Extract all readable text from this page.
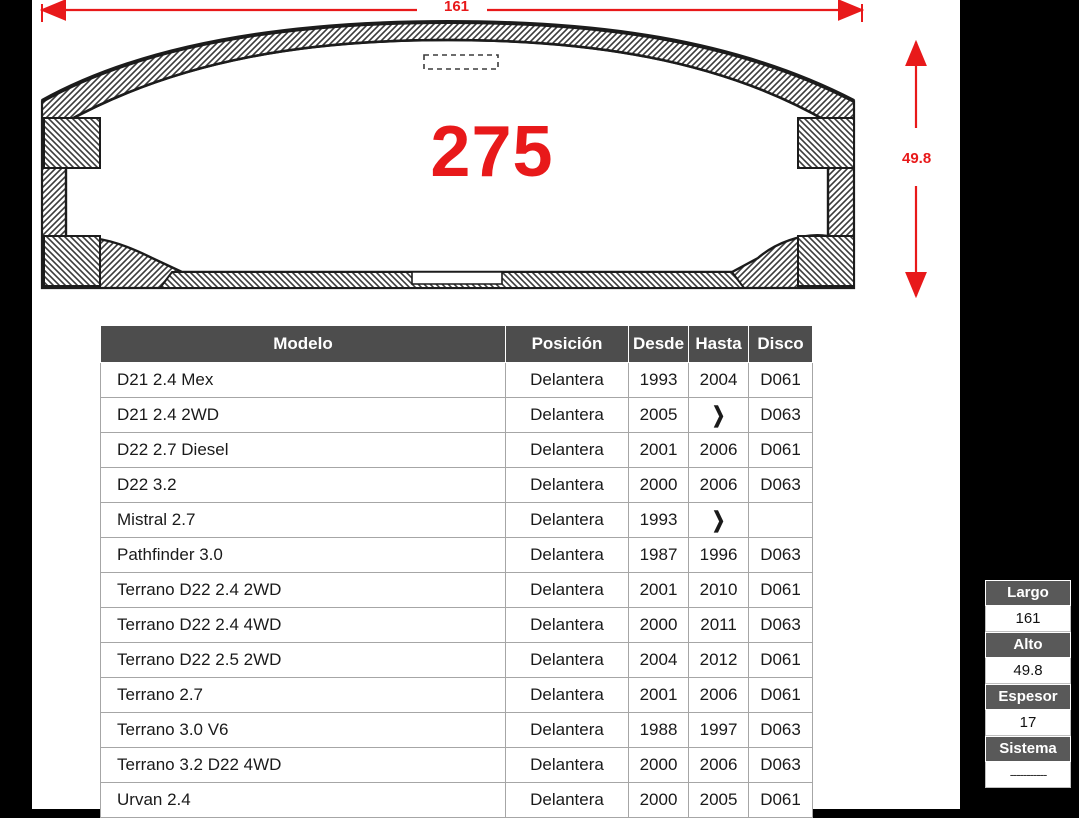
161
49.8
275
Modelo	Posición	Desde	Hasta	Disco
D21 2.4 Mex	Delantera	1993	2004	D061
D21 2.4 2WD	Delantera	2005	❯	D063
D22 2.7 Diesel	Delantera	2001	2006	D061
D22 3.2	Delantera	2000	2006	D063
Mistral 2.7	Delantera	1993	❯	
Pathfinder 3.0	Delantera	1987	1996	D063
Terrano D22 2.4 2WD	Delantera	2001	2010	D061
Terrano D22 2.4 4WD	Delantera	2000	2011	D063
Terrano D22 2.5 2WD	Delantera	2004	2012	D061
Terrano 2.7	Delantera	2001	2006	D061
Terrano 3.0 V6	Delantera	1988	1997	D063
Terrano 3.2 D22 4WD	Delantera	2000	2006	D063
Urvan 2.4	Delantera	2000	2005	D061
Largo
161
Alto
49.8
Espesor
17
Sistema
-----------
